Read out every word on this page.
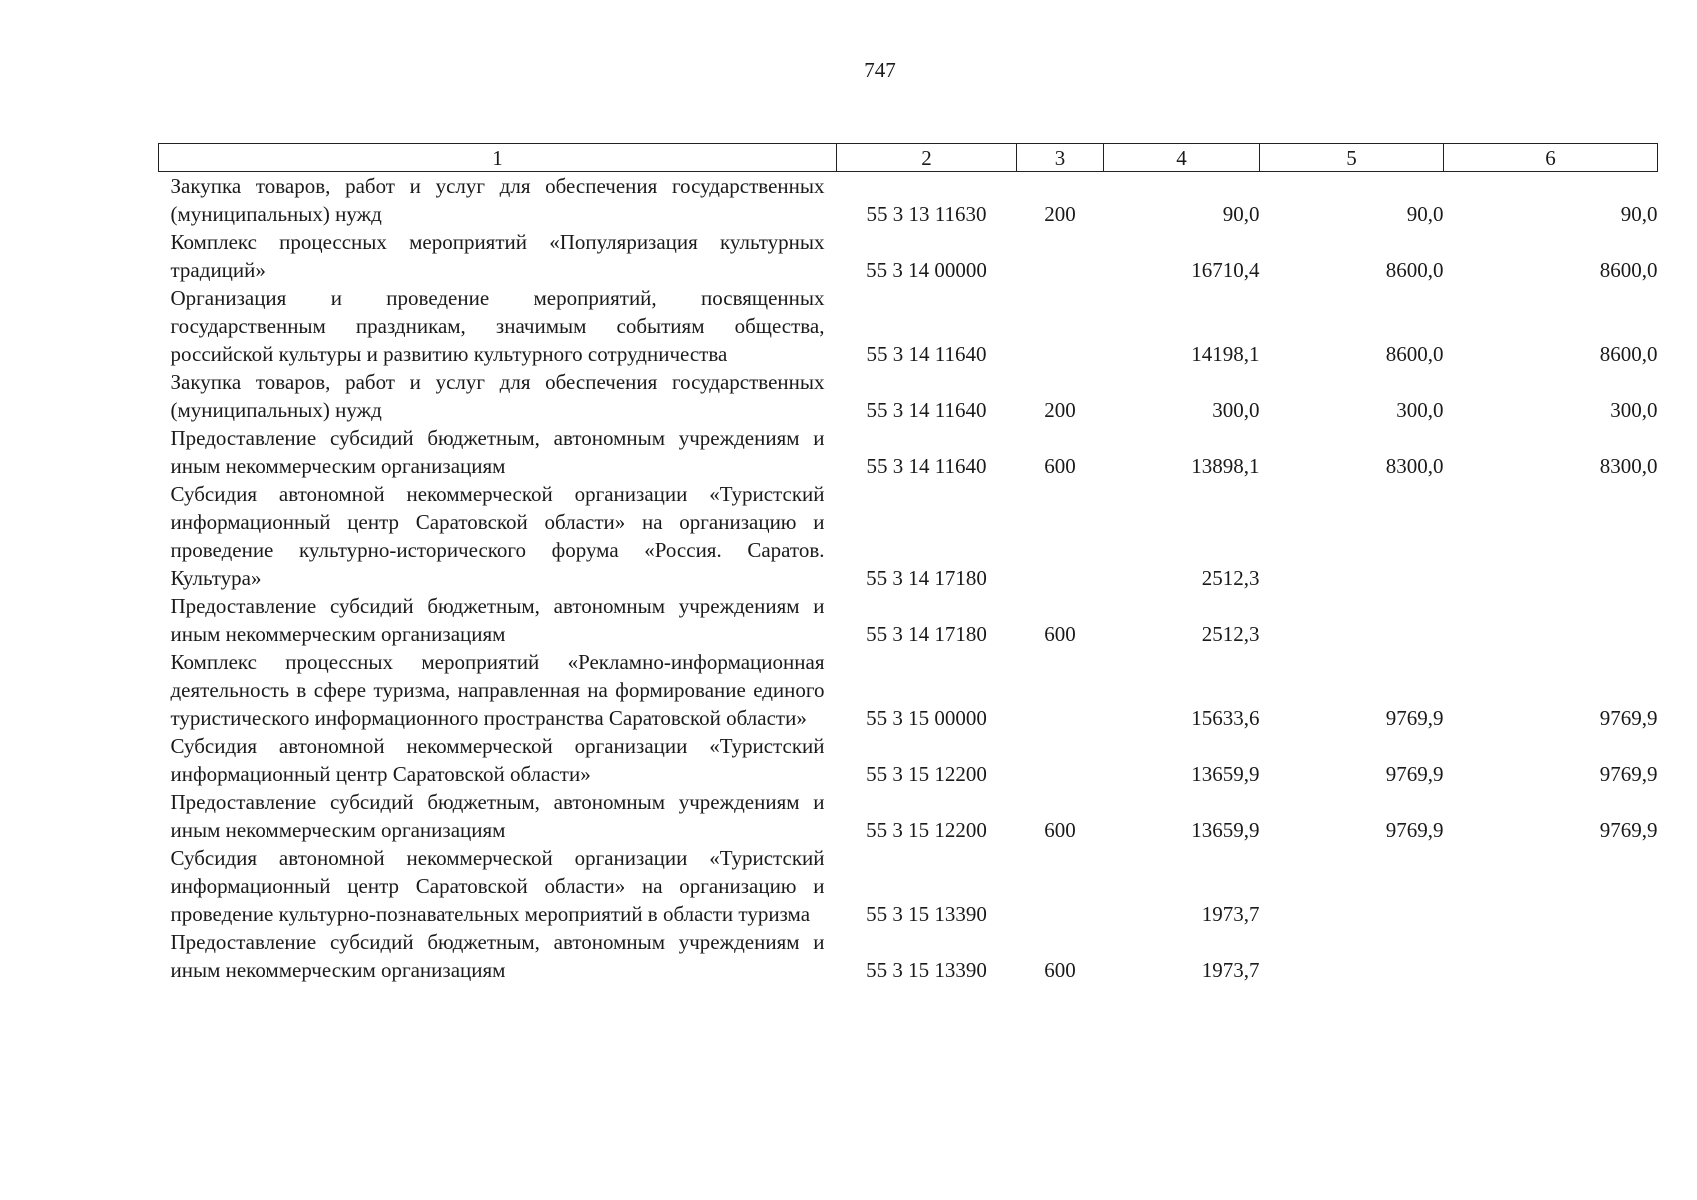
747
1	2	3	4	5	6
Закупка товаров, работ и услуг для обеспечения государственных (муниципальных) нужд	55 3 13 11630	200	90,0	90,0	90,0
Комплекс процессных мероприятий «Популяризация культурных традиций»	55 3 14 00000		16710,4	8600,0	8600,0
Организация и проведение мероприятий, посвященных государственным праздникам, значимым событиям общества, российской культуры и развитию культурного сотрудничества	55 3 14 11640		14198,1	8600,0	8600,0
Закупка товаров, работ и услуг для обеспечения государственных (муниципальных) нужд	55 3 14 11640	200	300,0	300,0	300,0
Предоставление субсидий бюджетным, автономным учреждениям и иным некоммерческим организациям	55 3 14 11640	600	13898,1	8300,0	8300,0
Субсидия автономной некоммерческой организации «Туристский информационный центр Саратовской области» на организацию и проведение культурно-исторического форума «Россия. Саратов. Культура»	55 3 14 17180		2512,3		
Предоставление субсидий бюджетным, автономным учреждениям и иным некоммерческим организациям	55 3 14 17180	600	2512,3		
Комплекс процессных мероприятий «Рекламно-информационная деятельность в сфере туризма, направленная на формирование единого туристического информационного пространства Саратовской области»	55 3 15 00000		15633,6	9769,9	9769,9
Субсидия автономной некоммерческой организации «Туристский информационный центр Саратовской области»	55 3 15 12200		13659,9	9769,9	9769,9
Предоставление субсидий бюджетным, автономным учреждениям и иным некоммерческим организациям	55 3 15 12200	600	13659,9	9769,9	9769,9
Субсидия автономной некоммерческой организации «Туристский информационный центр Саратовской области» на организацию и проведение культурно-познавательных мероприятий в области туризма	55 3 15 13390		1973,7		
Предоставление субсидий бюджетным, автономным учреждениям и иным некоммерческим организациям	55 3 15 13390	600	1973,7		
